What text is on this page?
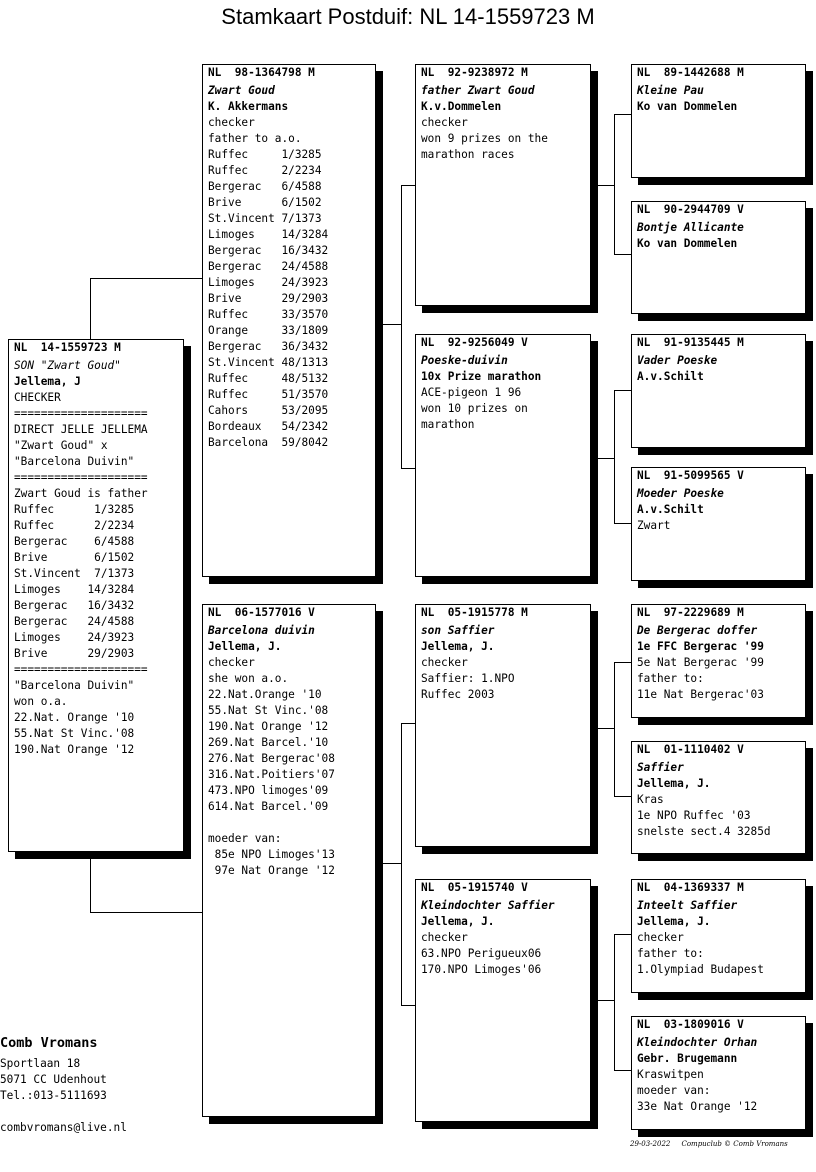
Stamkaart Postduif: NL 14-1559723 M
NL  14-1559723 M
SON "Zwart Goud"
Jellema, J
CHECKER
====================
DIRECT JELLE JELLEMA
"Zwart Goud" x
"Barcelona Duivin"
====================
Zwart Goud is father
Ruffec      1/3285
Ruffec      2/2234
Bergerac    6/4588
Brive       6/1502
St.Vincent  7/1373
Limoges    14/3284
Bergerac   16/3432
Bergerac   24/4588
Limoges    24/3923
Brive      29/2903
====================
"Barcelona Duivin"
won o.a.
22.Nat. Orange '10
55.Nat St Vinc.'08
190.Nat Orange '12
NL  98-1364798 M
Zwart Goud
K. Akkermans
checker
father to a.o.
Ruffec     1/3285
Ruffec     2/2234
Bergerac   6/4588
Brive      6/1502
St.Vincent 7/1373
Limoges    14/3284
Bergerac   16/3432
Bergerac   24/4588
Limoges    24/3923
Brive      29/2903
Ruffec     33/3570
Orange     33/1809
Bergerac   36/3432
St.Vincent 48/1313
Ruffec     48/5132
Ruffec     51/3570
Cahors     53/2095
Bordeaux   54/2342
Barcelona  59/8042
NL  06-1577016 V
Barcelona duivin
Jellema, J.
checker
she won a.o.
22.Nat.Orange '10
55.Nat St Vinc.'08
190.Nat Orange '12
269.Nat Barcel.'10
276.Nat Bergerac'08
316.Nat.Poitiers'07
473.NPO limoges'09
614.Nat Barcel.'09
moeder van:
85e NPO Limoges'13
97e Nat Orange '12
NL  92-9238972 M
father Zwart Goud
K.v.Dommelen
checker
won 9 prizes on the
marathon races
NL  92-9256049 V
Poeske-duivin
10x Prize marathon
ACE-pigeon 1 96
won 10 prizes on
marathon
NL  05-1915778 M
son Saffier
Jellema, J.
checker
Saffier: 1.NPO
Ruffec 2003
NL  05-1915740 V
Kleindochter Saffier
Jellema, J.
checker
63.NPO Perigueux06
170.NPO Limoges'06
NL  89-1442688 M
Kleine Pau
Ko van Dommelen
NL  90-2944709 V
Bontje Allicante
Ko van Dommelen
NL  91-9135445 M
Vader Poeske
A.v.Schilt
NL  91-5099565 V
Moeder Poeske
A.v.Schilt
Zwart
NL  97-2229689 M
De Bergerac doffer
1e FFC Bergerac '99
5e Nat Bergerac '99
father to:
11e Nat Bergerac'03
NL  01-1110402 V
Saffier
Jellema, J.
Kras
1e NPO Ruffec '03
snelste sect.4 3285d
NL  04-1369337 M
Inteelt Saffier
Jellema, J.
checker
father to:
1.Olympiad Budapest
NL  03-1809016 V
Kleindochter Orhan
Gebr. Brugemann
Kraswitpen
moeder van:
33e Nat Orange '12
Comb Vromans
Sportlaan 18
5071 CC Udenhout
Tel.:013-5111693
combvromans@live.nl
29-03-2022     Compuclub © Comb Vromans
